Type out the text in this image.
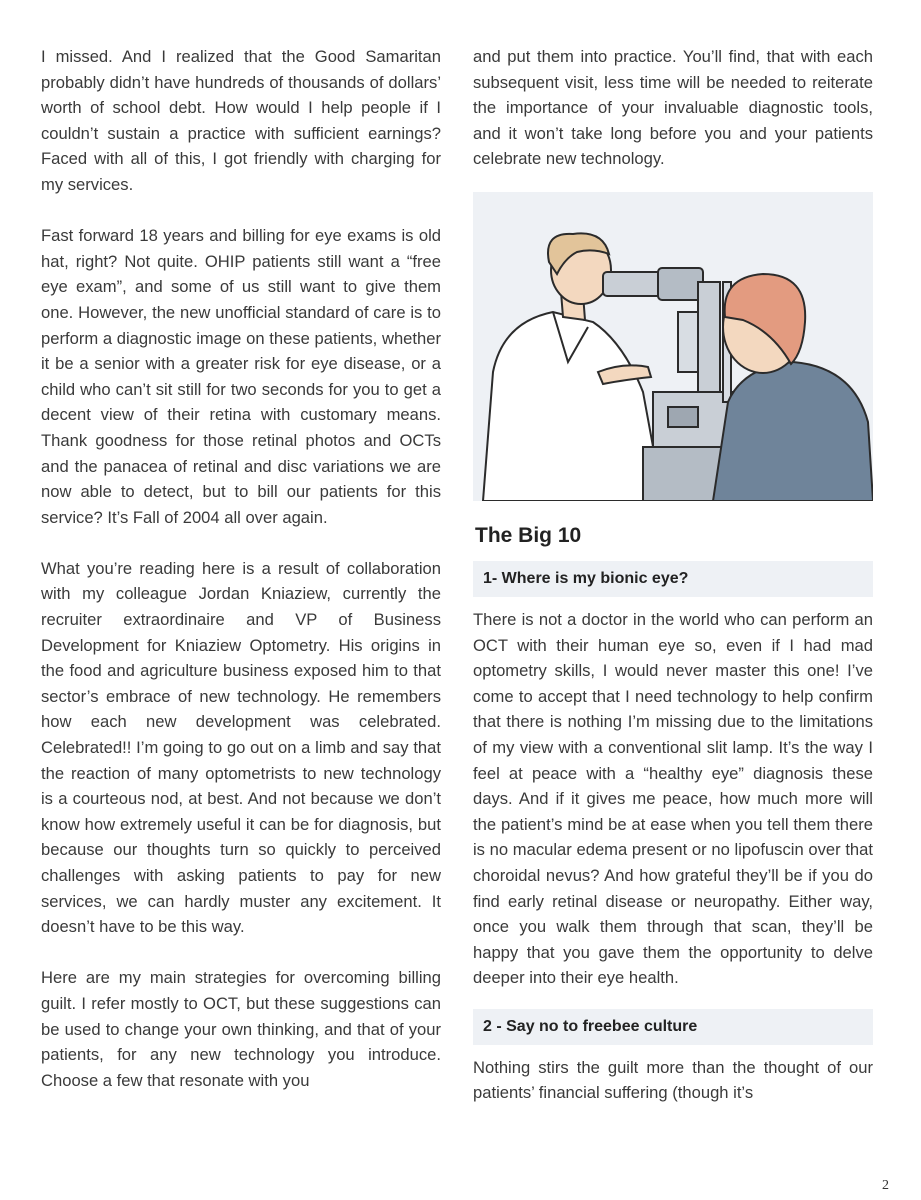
I missed. And I realized that the Good Samaritan probably didn’t have hundreds of thousands of dollars’ worth of school debt. How would I help people if I couldn’t sustain a practice with sufficient earnings? Faced with all of this, I got friendly with charging for my services.

Fast forward 18 years and billing for eye exams is old hat, right? Not quite. OHIP patients still want a “free eye exam”, and some of us still want to give them one. However, the new unofficial standard of care is to perform a diagnostic image on these patients, whether it be a senior with a greater risk for eye disease, or a child who can’t sit still for two seconds for you to get a decent view of their retina with customary means. Thank goodness for those retinal photos and OCTs and the panacea of retinal and disc variations we are now able to detect, but to bill our patients for this service? It’s Fall of 2004 all over again.

What you’re reading here is a result of collaboration with my colleague Jordan Kniaziew, currently the recruiter extraordinaire and VP of Business Development for Kniaziew Optometry. His origins in the food and agriculture business exposed him to that sector’s embrace of new technology. He remembers how each new development was celebrated. Celebrated!! I’m going to go out on a limb and say that the reaction of many optometrists to new technology is a courteous nod, at best. And not because we don’t know how extremely useful it can be for diagnosis, but because our thoughts turn so quickly to perceived challenges with asking patients to pay for new services, we can hardly muster any excitement. It doesn’t have to be this way.

Here are my main strategies for overcoming billing guilt. I refer mostly to OCT, but these suggestions can be used to change your own thinking, and that of your patients, for any new technology you introduce. Choose a few that resonate with you

and put them into practice. You’ll find, that with each subsequent visit, less time will be needed to reiterate the importance of your invaluable diagnostic tools, and it won’t take long before you and your patients celebrate new technology.

The Big 10
1- Where is my bionic eye?

There is not a doctor in the world who can perform an OCT with their human eye so, even if I had mad optometry skills, I would never master this one! I’ve come to accept that I need technology to help confirm that there is nothing I’m missing due to the limitations of my view with a conventional slit lamp. It’s the way I feel at peace with a “healthy eye” diagnosis these days. And if it gives me peace, how much more will the patient’s mind be at ease when you tell them there is no macular edema present or no lipofuscin over that choroidal nevus? And how grateful they’ll be if you do find early retinal disease or neuropathy. Either way, once you walk them through that scan, they’ll be happy that you gave them the opportunity to delve deeper into their eye health.

2 - Say no to freebee culture

Nothing stirs the guilt more than the thought of our patients’ financial suffering (though it’s

2
